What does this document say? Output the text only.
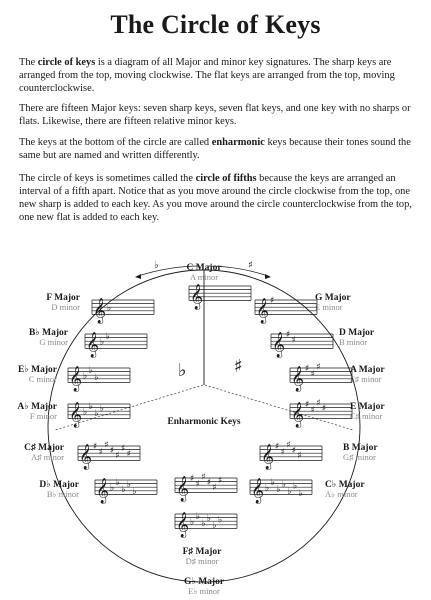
The Circle of Keys

The circle of keys is a diagram of all Major and minor key signatures. The sharp keys are arranged from the top, moving clockwise. The flat keys are arranged from the top, moving counterclockwise.

There are fifteen Major keys: seven sharp keys, seven flat keys, and one key with no sharps or flats. Likewise, there are fifteen relative minor keys.

The keys at the bottom of the circle are called enharmonic keys because their tones sound the same but are named and written differently.

The circle of keys is sometimes called the circle of fifths because the keys are arranged an interval of a fifth apart. Notice that as you move around the circle clockwise from the top, one new sharp is added to each key. As you move around the circle counterclockwise from the top, one new flat is added to each key.

♭	♯
♭	♯
Enharmonic Keys
C Major
A minor
𝄞	G Major
E minor
𝄞 ♯
D Major
B minor
𝄞 ♯
♯
A Major
F♯ minor
𝄞 ♯
♯
♯
E Major
C♯ minor
𝄞 ♯
♯
♯
♯
B Major
G♯ minor
𝄞 ♯
♯
♯
♯
♯
C♭ Major
A♭ minor
𝄞 ♭
♭
♭
♭
♭
♭
♭
F♯ Major
D♯ minor
𝄞 ♯
♯
♯
♯
♯
♯
G♭ Major
E♭ minor
𝄞 ♭
♭
♭
♭
♭
♭
C♯ Major
A♯ minor 𝄞 ♯
♯
♯
♯
♯
♯
♯
D♭ Major
B♭ minor 𝄞 ♭
♭
♭
♭
♭
A♭ Major
F minor 𝄞 ♭
♭
♭
♭
E♭ Major
C minor 𝄞 ♭
♭
♭
B♭ Major
G minor 𝄞 ♭
♭
F Major
D minor 𝄞 ♭
